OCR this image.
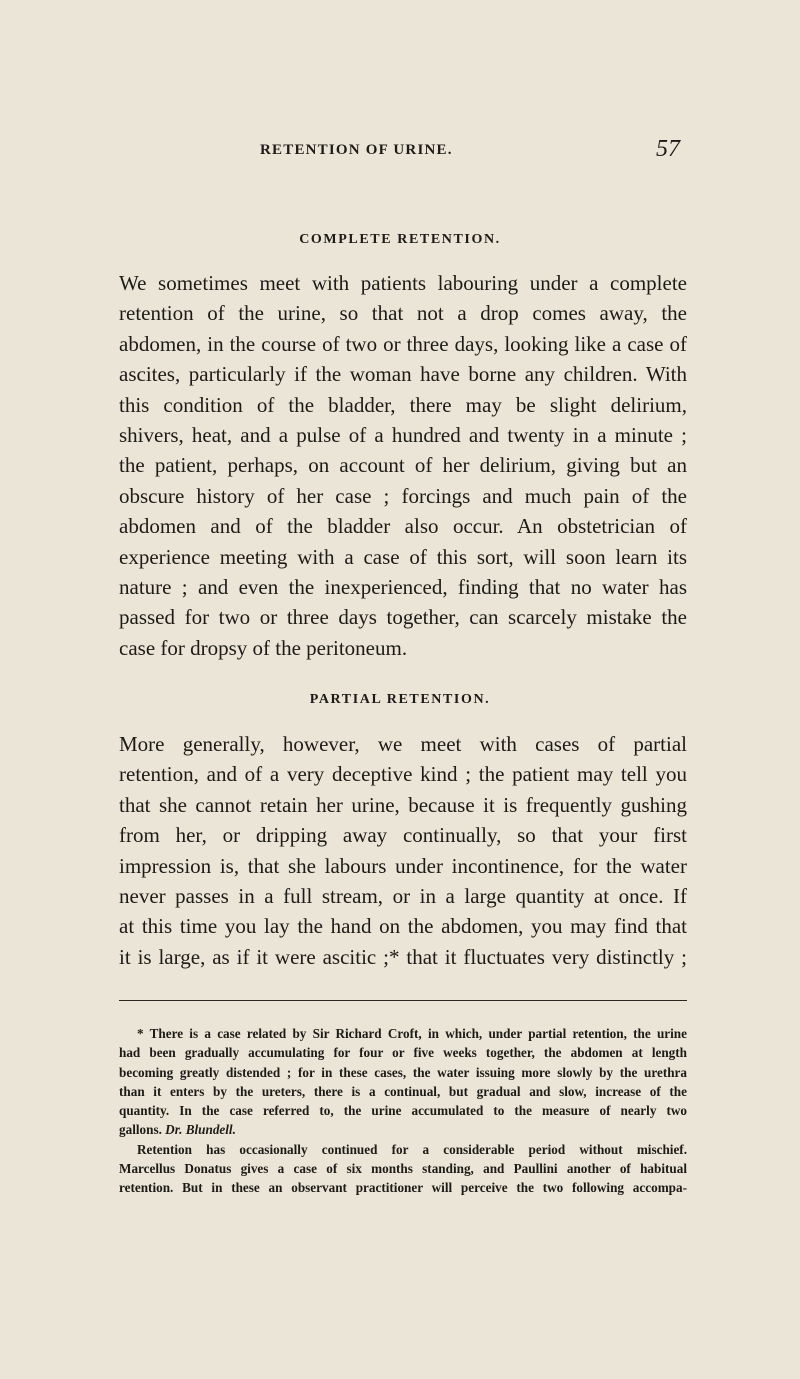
RETENTION OF URINE.	57
COMPLETE RETENTION.

We sometimes meet with patients labouring under a complete
retention of the urine, so that not a drop comes away, the
abdomen, in the course of two or three days, looking like a case of
ascites, particularly if the woman have borne any children. With
this condition of the bladder, there may be slight delirium,
shivers, heat, and a pulse of a hundred and twenty in a minute ;
the patient, perhaps, on account of her delirium, giving but an
obscure history of her case ; forcings and much pain of the
abdomen and of the bladder also occur. An obstetrician of
experience meeting with a case of this sort, will soon learn its
nature ; and even the inexperienced, finding that no water has
passed for two or three days together, can scarcely mistake the
case for dropsy of the peritoneum.

PARTIAL RETENTION.

More generally, however, we meet with cases of partial
retention, and of a very deceptive kind ; the patient may tell you
that she cannot retain her urine, because it is frequently gushing
from her, or dripping away continually, so that your first
impression is, that she labours under incontinence, for the water
never passes in a full stream, or in a large quantity at once. If
at this time you lay the hand on the abdomen, you may find that
it is large, as if it were ascitic ;* that it fluctuates very distinctly ;

* There is a case related by Sir Richard Croft, in which, under partial retention, the urine
had been gradually accumulating for four or five weeks together, the abdomen at length
becoming greatly distended ; for in these cases, the water issuing more slowly by the urethra
than it enters by the ureters, there is a continual, but gradual and slow, increase of the
quantity. In the case referred to, the urine accumulated to the measure of nearly two
gallons. Dr. Blundell.
Retention has occasionally continued for a considerable period without mischief.
Marcellus Donatus gives a case of six months standing, and Paullini another of habitual
retention. But in these an observant practitioner will perceive the two following accompa-
